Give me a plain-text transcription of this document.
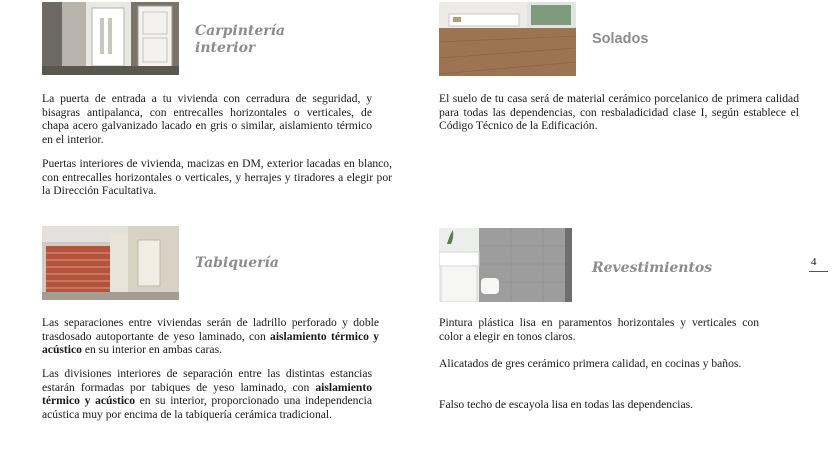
Carpintería interior

La puerta de entrada a tu vivienda con cerradura de seguridad, y bisagras antipalanca, con entrecalles horizontales o verticales, de chapa acero galvanizado lacado en gris o similar, aislamiento térmico en el interior.

Puertas interiores de vivienda, macizas en DM, exterior lacadas en blanco, con entrecalles horizontales o verticales, y herrajes y tiradores a elegir por la Dirección Facultativa.

Solados

El suelo de tu casa será de material cerámico porcelanico de primera calidad para todas las dependencias, con resbaladicidad clase I, según establece el Código Técnico de la Edificación.

Tabiquería

Las separaciones entre viviendas serán de ladrillo perforado y doble trasdosado autoportante de yeso laminado, con aislamiento térmico y acústico en su interior en ambas caras.

Las divisiones interiores de separación entre las distintas estancias estarán formadas por tabiques de yeso laminado, con aislamiento térmico y acústico en su interior, proporcionado una independencia acústica muy por encima de la tabiquería cerámica tradicional.

Revestimientos

Pintura plástica lisa en paramentos horizontales y verticales con color a elegir en tonos claros.

Alicatados de gres cerámico primera calidad, en cocinas y baños.

Falso techo de escayola lisa en todas las dependencias.

4
